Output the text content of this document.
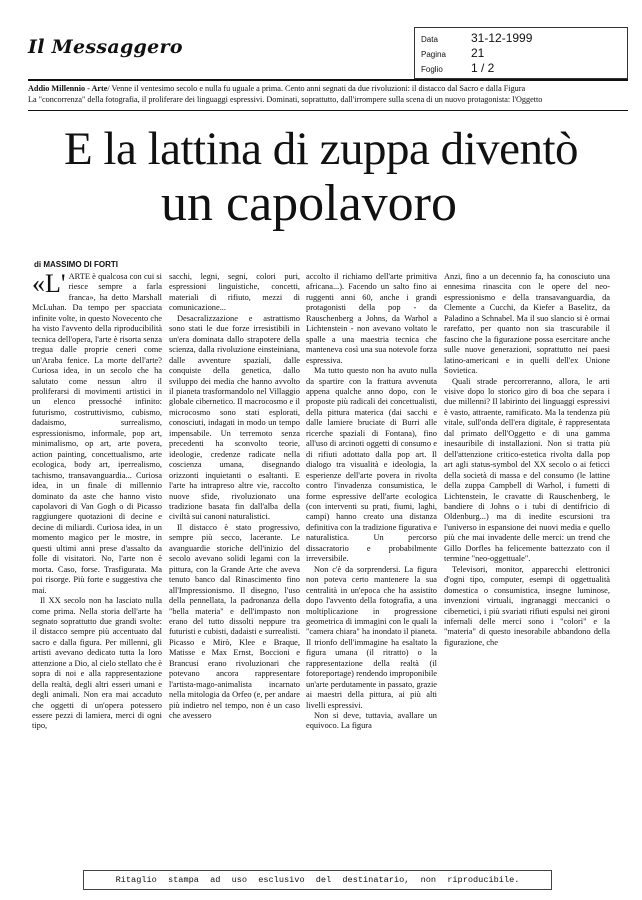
Il Messaggero	Data	31-12-1999
Pagina 21
Foglio 1 / 2
Addio Millennio - Arte/ Venne il ventesimo secolo e nulla fu uguale a prima. Cento anni segnati da due rivoluzioni: il distacco dal Sacro e dalla Figura
La "concorrenza" della fotografia, il proliferare dei linguaggi espressivi. Dominati, soprattutto, dall'irrompere sulla scena di un nuovo protagonista: l'Oggetto
E la lattina di zuppa diventò
un capolavoro
di MASSIMO DI FORTI

«L' ARTE è qualcosa con cui si riesce sempre a farla franca», ha detto Marshall McLuhan. Da tempo per spacciata infinite volte, in questo Novecento che ha visto l'avvento della riproducibilità tecnica dell'opera, l'arte è risorta senza tregua dalle proprie ceneri come un'Araba fenice. La morte dell'arte? Curiosa idea, in un secolo che ha salutato come nessun altro il proliferarsi di movimenti artistici in un elenco pressoché infinito: futurismo, costruttivismo, cubismo, dadaismo, surrealismo, espressionismo, informale, pop art, minimalismo, op art, arte povera, action painting, concettualismo, arte ecologica, body art, iperrealismo, tachismo, transavanguardia... Curiosa idea, in un finale di millennio dominato da aste che hanno visto capolavori di Van Gogh o di Picasso raggiungere quotazioni di decine e decine di miliardi. Curiosa idea, in un momento magico per le mostre, in questi ultimi anni prese d'assalto da folle di visitatori. No, l'arte non è morta. Caso, forse. Trasfigurata. Ma poi risorge. Più forte e suggestiva che mai.

Il XX secolo non ha lasciato nulla come prima. Nella storia dell'arte ha segnato soprattutto due grandi svolte: il distacco sempre più accentuato dal sacro e dalla figura. Per millenni, gli artisti avevano dedicato tutta la loro attenzione a Dio, al cielo stellato che è sopra di noi e alla rappresentazione della realtà, degli altri esseri umani e degli animali. Non era mai accaduto che oggetti di un'opera potessero essere pezzi di lamiera, merci di ogni tipo,

sacchi, legni, segni, colori puri, espressioni linguistiche, concetti, materiali di rifiuto, mezzi di comunicazione...

Desacralizzazione e astrattismo sono stati le due forze irresistibili in un'era dominata dallo strapotere della scienza, dalla rivoluzione einsteiniana, dalle avventure spaziali, dalle conquiste della genetica, dallo sviluppo dei media che hanno avvolto il pianeta trasformandolo nel Villaggio globale cibernetico. Il macrocosmo e il microcosmo sono stati esplorati, conosciuti, indagati in modo un tempo impensabile. Un terremoto senza precedenti ha sconvolto teorie, ideologie, credenze radicate nella coscienza umana, disegnando orizzonti inquietanti o esaltanti. E l'arte ha intrapreso altre vie, raccolto nuove sfide, rivoluzionato una tradizione basata fin dall'alba della civiltà sui canoni naturalistici.

Il distacco è stato progressivo, sempre più secco, lacerante. Le avanguardie storiche dell'inizio del secolo avevano solidi legami con la pittura, con la Grande Arte che aveva tenuto banco dal Rinascimento fino all'Impressionismo. Il disegno, l'uso della pennellata, la padronanza della "bella materia" e dell'impasto non erano del tutto dissolti neppure tra futuristi e cubisti, dadaisti e surrealisti. Picasso e Mirò, Klee e Braque, Matisse e Max Ernst, Boccioni e Brancusi erano rivoluzionari che potevano ancora rappresentare l'artista-mago-animalista incarnato nella mitologia da Orfeo (e, per andare più indietro nel tempo, non è un caso che avessero

accolto il richiamo dell'arte primitiva africana...). Facendo un salto fino ai ruggenti anni 60, anche i grandi protagonisti della pop - da Rauschenberg a Johns, da Warhol a Lichtenstein - non avevano voltato le spalle a una maestria tecnica che manteneva così una sua notevole forza espressiva.

Ma tutto questo non ha avuto nulla da spartire con la frattura avvenuta appena qualche anno dopo, con le proposte più radicali dei concettualisti, della pittura materica (dai sacchi e dalle lamiere bruciate di Burri alle ricerche spaziali di Fontana), fino all'uso di arcinoti oggetti di consumo e di rifiuti adottato dalla pop art. Il dialogo tra visualità e ideologia, la esperienze dell'arte povera in rivolta contro l'invadenza consumistica, le forme espressive dell'arte ecologica (con interventi su prati, fiumi, laghi, campi) hanno creato una distanza definitiva con la tradizione figurativa e naturalistica. Un percorso dissacratorio e probabilmente irreversibile.

Non c'è da sorprendersi. La figura non poteva certo mantenere la sua centralità in un'epoca che ha assistito dopo l'avvento della fotografia, a una moltiplicazione in progressione geometrica di immagini con le quali la "camera chiara" ha inondato il pianeta. Il trionfo dell'immagine ha esaltato la figura umana (il ritratto) o la rappresentazione della realtà (il fotoreportage) rendendo improponibile un'arte perdutamente in passato, grazie ai maestri della pittura, ai più alti livelli espressivi.

Non si deve, tuttavia, avallare un equivoco. La figura

Anzi, fino a un decennio fa, ha conosciuto una ennesima rinascita con le opere del neo-espressionismo e della transavanguardia, da Clemente a Cucchi, da Kiefer a Baselitz, da Paladino a Schnabel. Ma il suo slancio si è ormai rarefatto, per quanto non sia trascurabile il fascino che la figurazione possa esercitare anche sulle nuove generazioni, soprattutto nei paesi latino-americani e in quelli dell'ex Unione Sovietica.

Quali strade percorreranno, allora, le arti visive dopo lo storico giro di boa che separa i due millenni? Il labirinto dei linguaggi espressivi è vasto, attraente, ramificato. Ma la tendenza più vitale, sull'onda dell'era digitale, è rappresentata dal primato dell'Oggetto e di una gamma inesauribile di installazioni. Non si tratta più dell'attenzione critico-estetica rivolta dalla pop art agli status-symbol del XX secolo o ai feticci della società di massa e del consumo (le lattine della zuppa Campbell di Warhol, i fumetti di Lichtenstein, le cravatte di Rauschenberg, le bandiere di Johns o i tubi di dentifricio di Oldenburg...) ma di inedite escursioni tra l'universo in espansione dei nuovi media e quello più che mai invadente delle merci: un trend che Gillo Dorfles ha felicemente battezzato con il termine "neo-oggettuale".

Televisori, monitor, apparecchi elettronici d'ogni tipo, computer, esempi di oggettualità domestica o consumistica, insegne luminose, invenzioni virtuali, ingranaggi meccanici o cibernetici, i più svariati rifiuti espulsi nei gironi infernali delle merci sono i "colori" e la "materia" di questo inesorabile abbandono della figurazione, che

Ritaglio stampa ad uso esclusivo del destinatario, non riproducibile.
